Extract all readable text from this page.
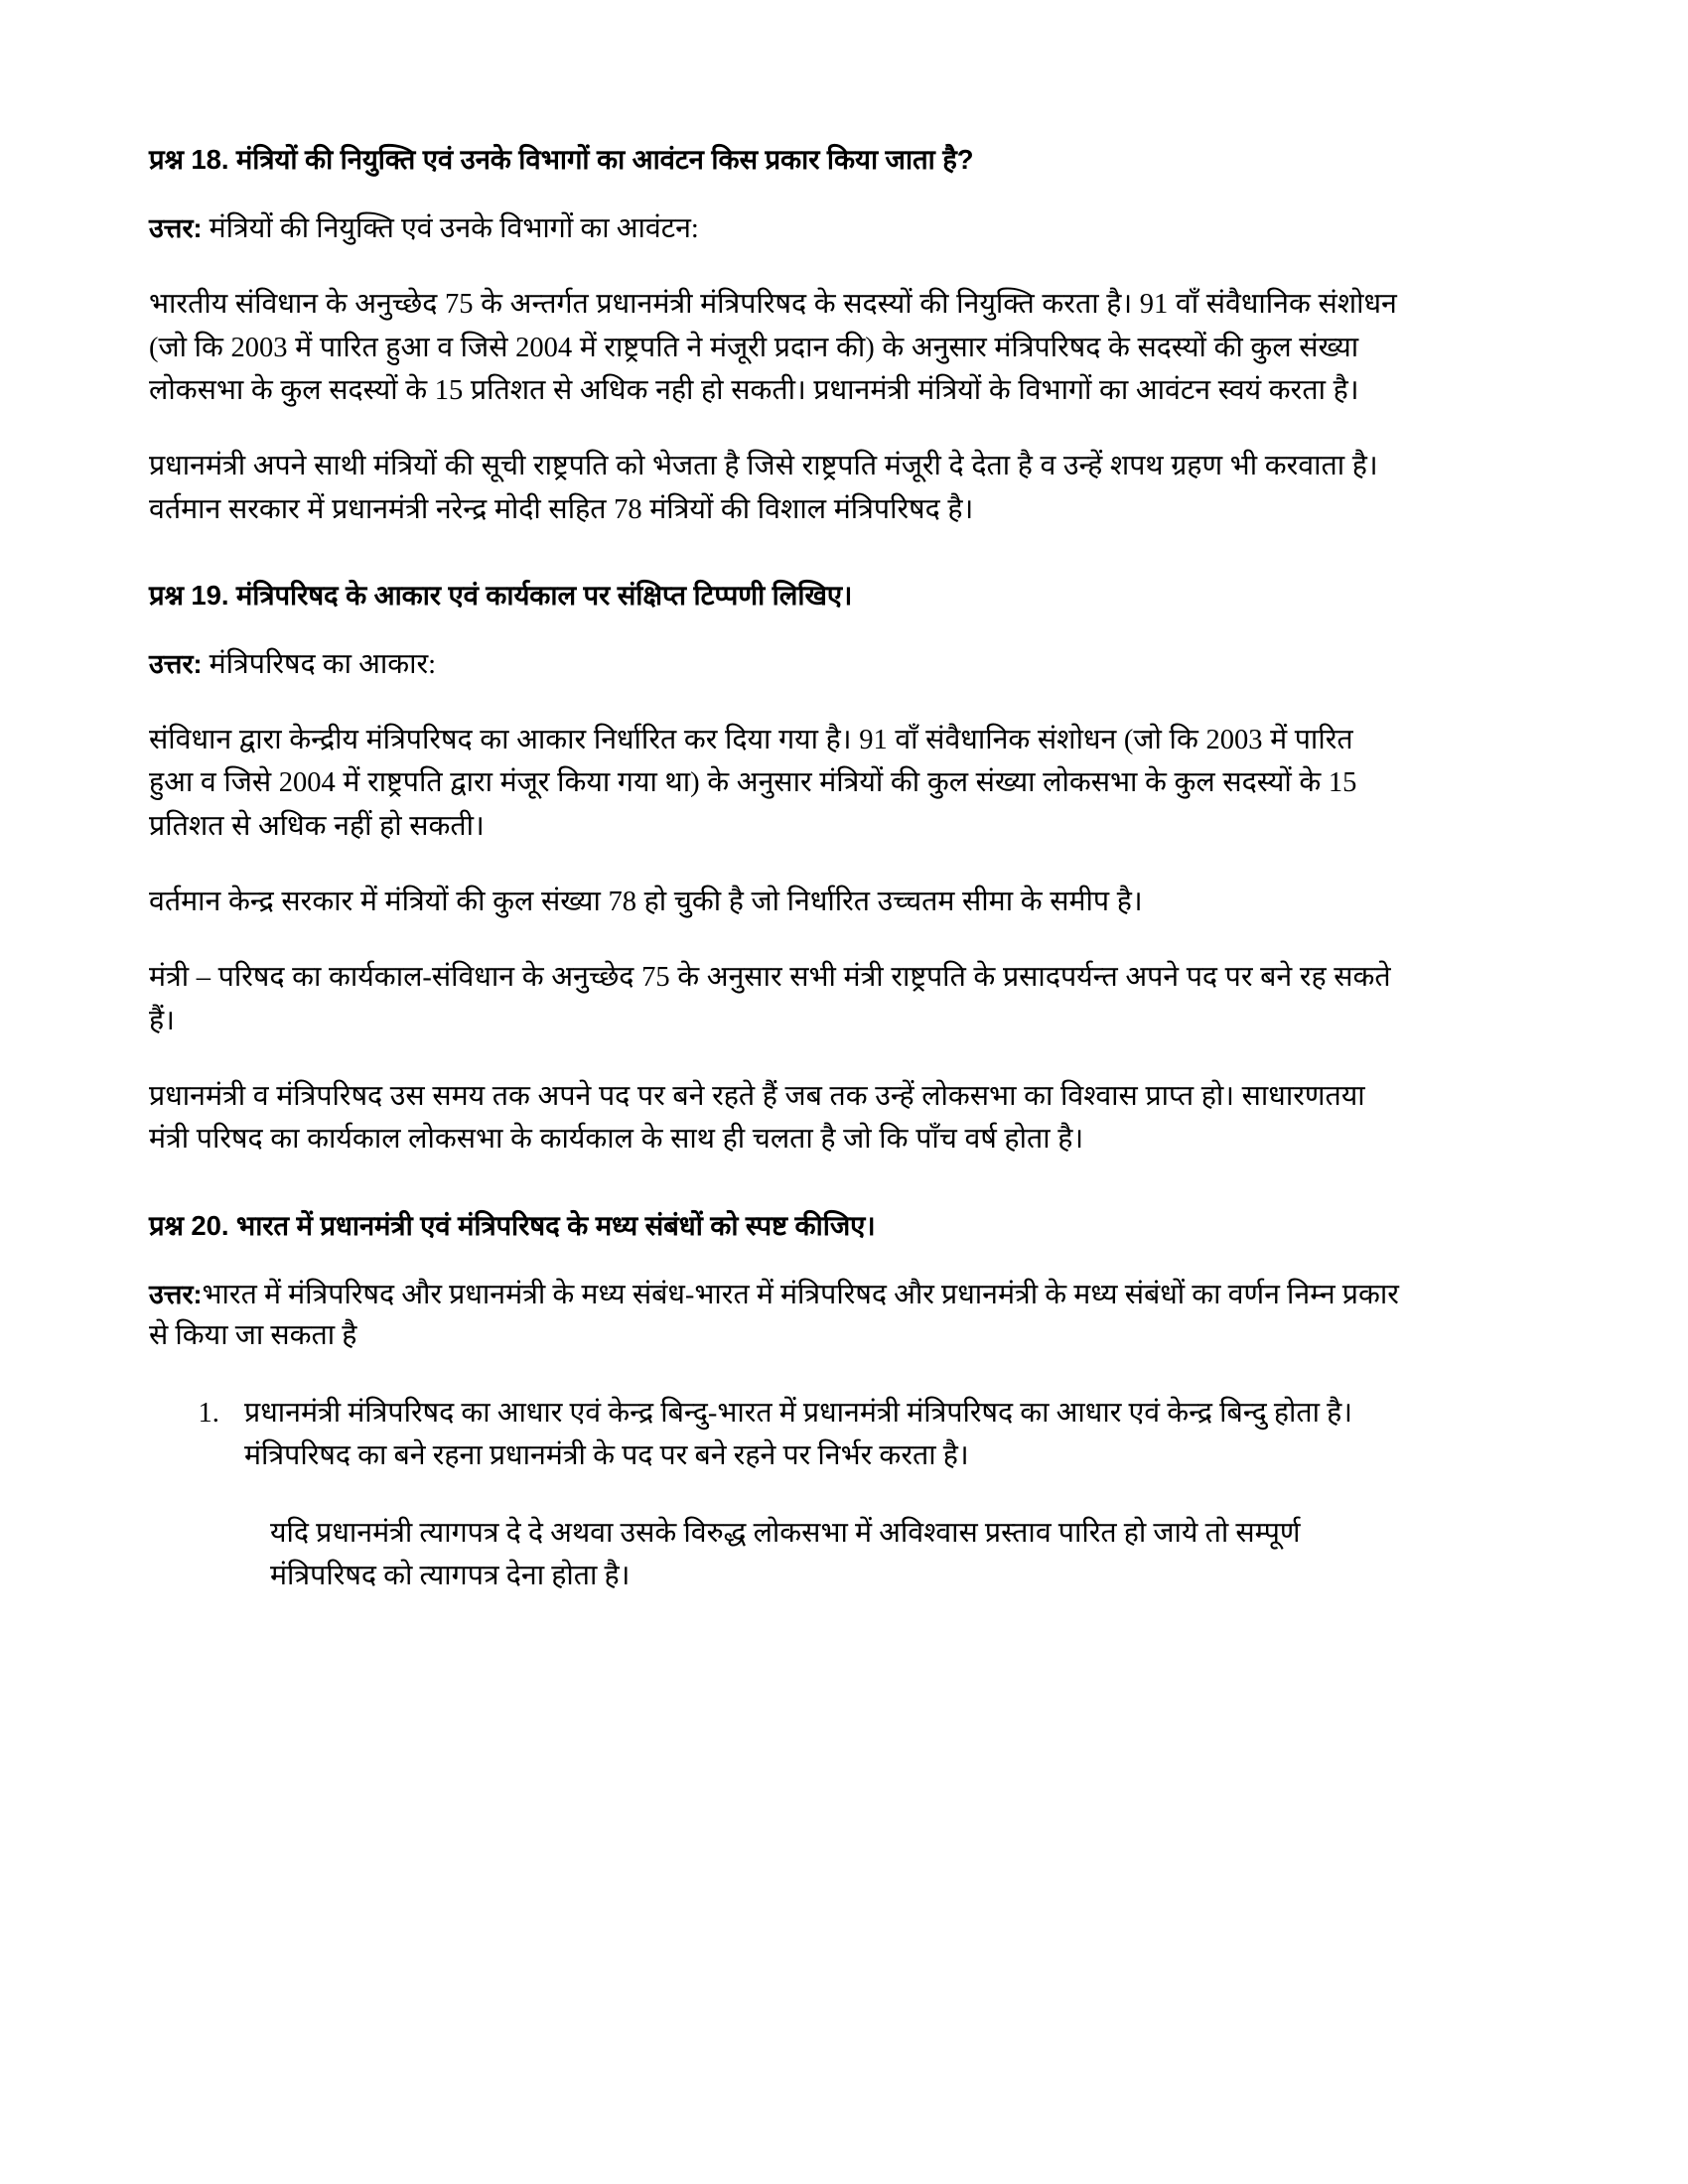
प्रश्न 18. मंत्रियों की नियुक्ति एवं उनके विभागों का आवंटन किस प्रकार किया जाता है?

उत्तर: मंत्रियों की नियुक्ति एवं उनके विभागों का आवंटन:

भारतीय संविधान के अनुच्छेद 75 के अन्तर्गत प्रधानमंत्री मंत्रिपरिषद के सदस्यों की नियुक्ति करता है। 91 वाँ संवैधानिक संशोधन (जो कि 2003 में पारित हुआ व जिसे 2004 में राष्ट्रपति ने मंजूरी प्रदान की) के अनुसार मंत्रिपरिषद के सदस्यों की कुल संख्या लोकसभा के कुल सदस्यों के 15 प्रतिशत से अधिक नही हो सकती। प्रधानमंत्री मंत्रियों के विभागों का आवंटन स्वयं करता है।

प्रधानमंत्री अपने साथी मंत्रियों की सूची राष्ट्रपति को भेजता है जिसे राष्ट्रपति मंजूरी दे देता है व उन्हें शपथ ग्रहण भी करवाता है। वर्तमान सरकार में प्रधानमंत्री नरेन्द्र मोदी सहित 78 मंत्रियों की विशाल मंत्रिपरिषद है।

प्रश्न 19. मंत्रिपरिषद के आकार एवं कार्यकाल पर संक्षिप्त टिप्पणी लिखिए।

उत्तर: मंत्रिपरिषद का आकार:

संविधान द्वारा केन्द्रीय मंत्रिपरिषद का आकार निर्धारित कर दिया गया है। 91 वाँ संवैधानिक संशोधन (जो कि 2003 में पारित हुआ व जिसे 2004 में राष्ट्रपति द्वारा मंजूर किया गया था) के अनुसार मंत्रियों की कुल संख्या लोकसभा के कुल सदस्यों के 15 प्रतिशत से अधिक नहीं हो सकती।

वर्तमान केन्द्र सरकार में मंत्रियों की कुल संख्या 78 हो चुकी है जो निर्धारित उच्चतम सीमा के समीप है।

मंत्री – परिषद का कार्यकाल-संविधान के अनुच्छेद 75 के अनुसार सभी मंत्री राष्ट्रपति के प्रसादपर्यन्त अपने पद पर बने रह सकते हैं।

प्रधानमंत्री व मंत्रिपरिषद उस समय तक अपने पद पर बने रहते हैं जब तक उन्हें लोकसभा का विश्वास प्राप्त हो। साधारणतया मंत्री परिषद का कार्यकाल लोकसभा के कार्यकाल के साथ ही चलता है जो कि पाँच वर्ष होता है।

प्रश्न 20. भारत में प्रधानमंत्री एवं मंत्रिपरिषद के मध्य संबंधों को स्पष्ट कीजिए।

उत्तर:भारत में मंत्रिपरिषद और प्रधानमंत्री के मध्य संबंध-भारत में मंत्रिपरिषद और प्रधानमंत्री के मध्य संबंधों का वर्णन निम्न प्रकार से किया जा सकता है

1. प्रधानमंत्री मंत्रिपरिषद का आधार एवं केन्द्र बिन्दु-भारत में प्रधानमंत्री मंत्रिपरिषद का आधार एवं केन्द्र बिन्दु होता है। मंत्रिपरिषद का बने रहना प्रधानमंत्री के पद पर बने रहने पर निर्भर करता है।
यदि प्रधानमंत्री त्यागपत्र दे दे अथवा उसके विरुद्ध लोकसभा में अविश्वास प्रस्ताव पारित हो जाये तो सम्पूर्ण मंत्रिपरिषद को त्यागपत्र देना होता है।
